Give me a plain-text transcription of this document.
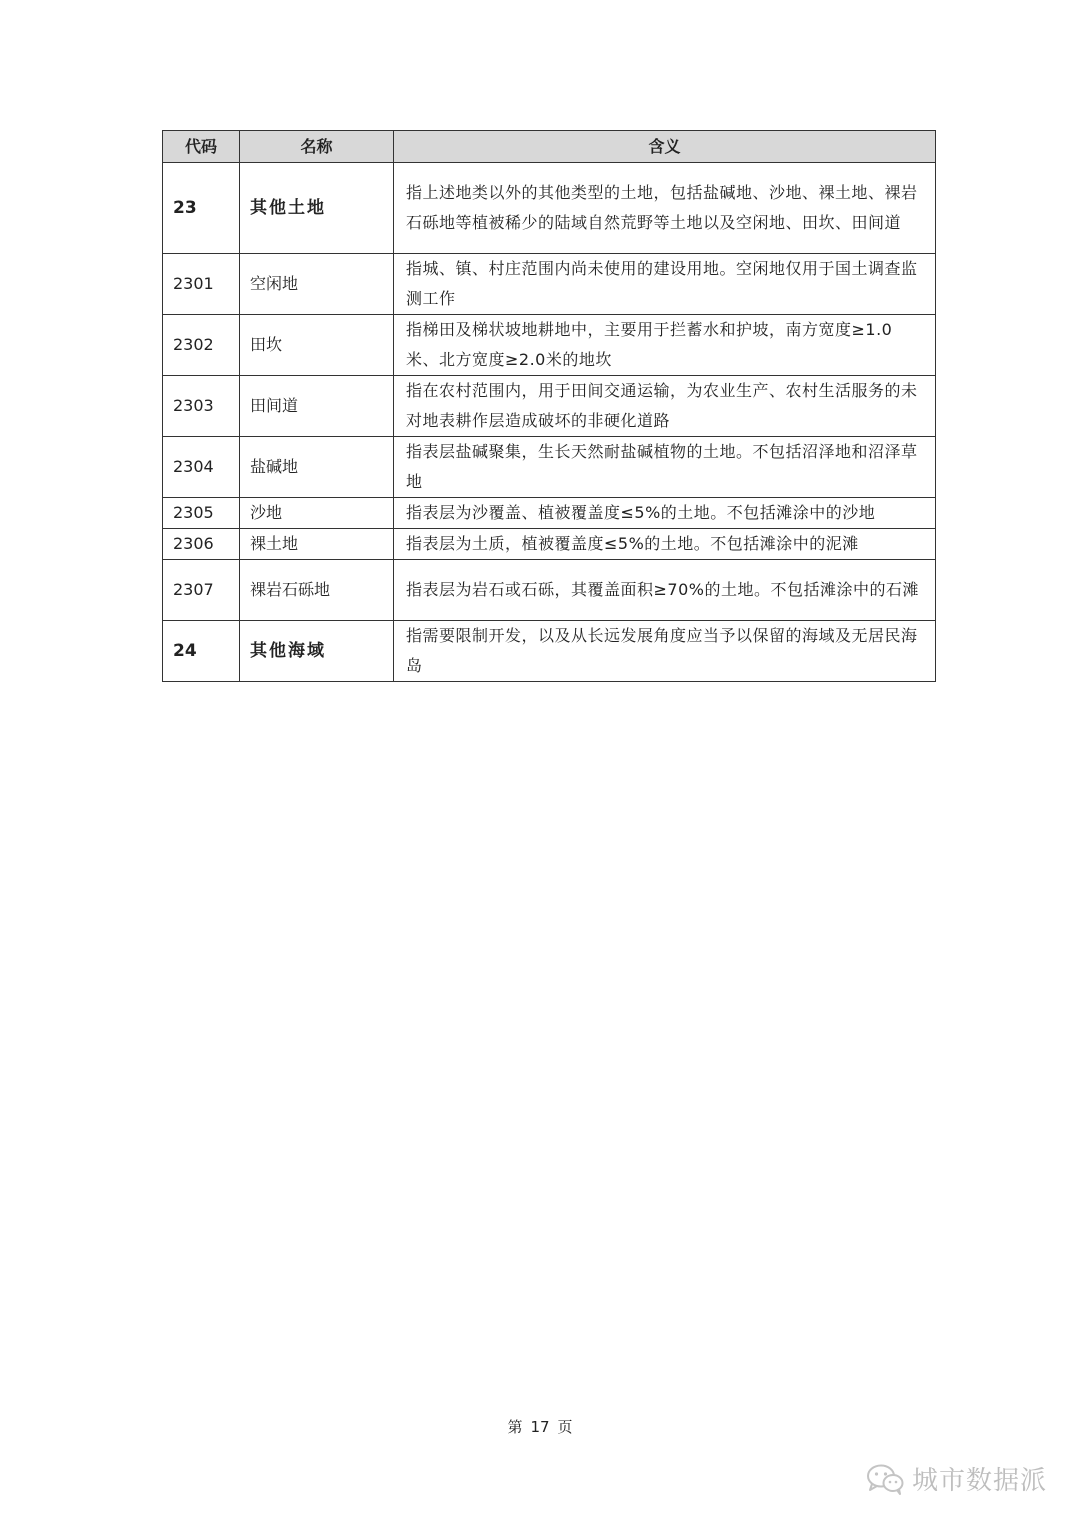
代码	名称	含义
23	其他土地	指上述地类以外的其他类型的土地，包括盐碱地、沙地、裸土地、裸岩石砾地等植被稀少的陆域自然荒野等土地以及空闲地、田坎、田间道
2301	空闲地	指城、镇、村庄范围内尚未使用的建设用地。空闲地仅用于国土调查监测工作
2302	田坎	指梯田及梯状坡地耕地中，主要用于拦蓄水和护坡，南方宽度≥1.0米、北方宽度≥2.0米的地坎
2303	田间道	指在农村范围内，用于田间交通运输，为农业生产、农村生活服务的未对地表耕作层造成破坏的非硬化道路
2304	盐碱地	指表层盐碱聚集，生长天然耐盐碱植物的土地。不包括沼泽地和沼泽草地
2305	沙地	指表层为沙覆盖、植被覆盖度≤5%的土地。不包括滩涂中的沙地
2306	裸土地	指表层为土质，植被覆盖度≤5%的土地。不包括滩涂中的泥滩
2307	裸岩石砾地	指表层为岩石或石砾，其覆盖面积≥70%的土地。不包括滩涂中的石滩
24	其他海域	指需要限制开发，以及从长远发展角度应当予以保留的海域及无居民海岛
第 17 页
城市数据派
